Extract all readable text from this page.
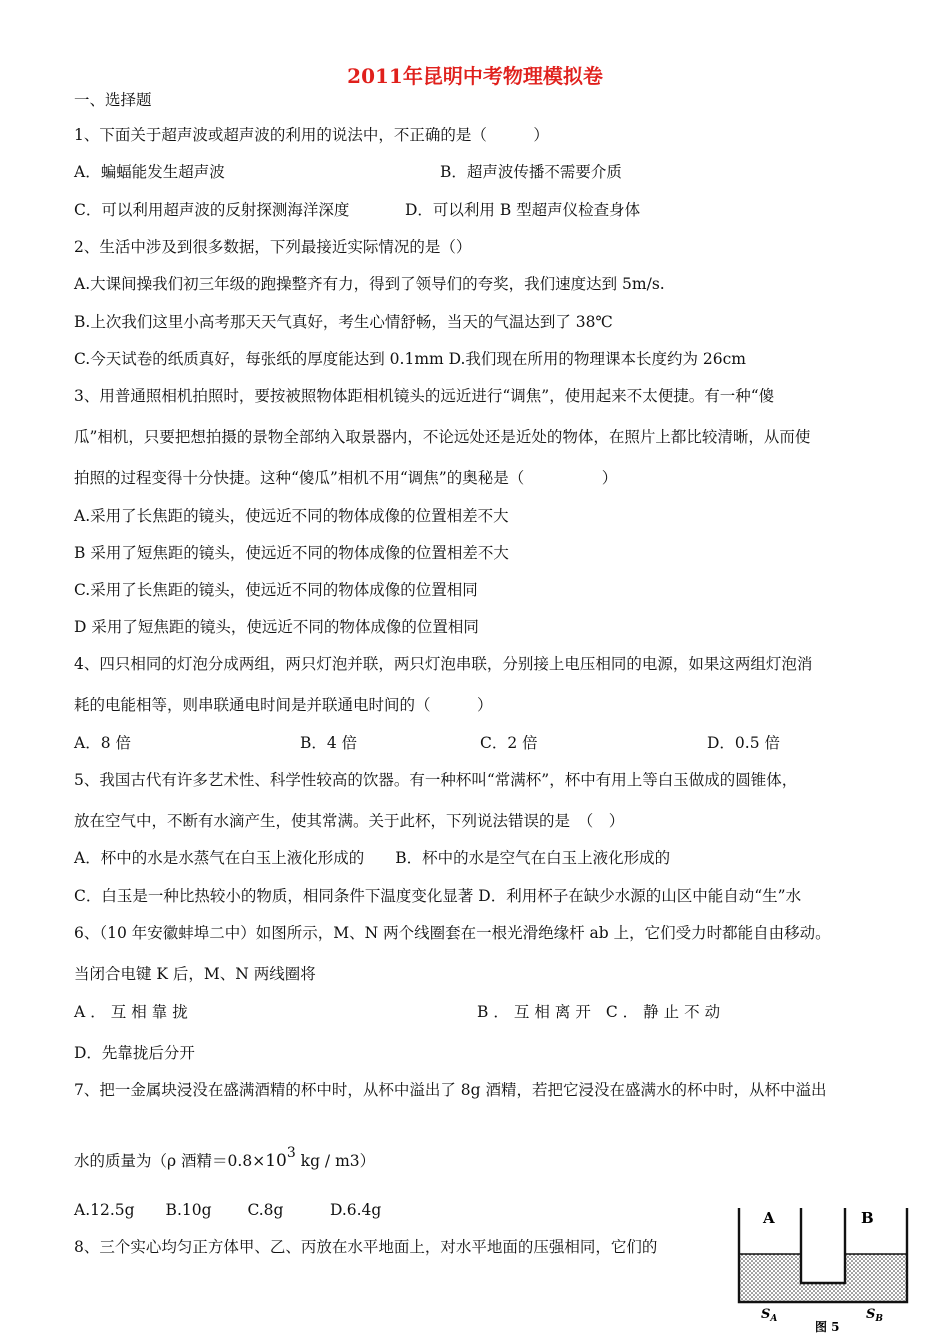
2011年昆明中考物理模拟卷
一、选择题
1、下面关于超声波或超声波的利用的说法中，不正确的是（　　　）
A．蝙蝠能发生超声波	B．超声波传播不需要介质
C．可以利用超声波的反射探测海洋深度	D．可以利用 B 型超声仪检查身体
2、生活中涉及到很多数据，下列最接近实际情况的是（）
A.大课间操我们初三年级的跑操整齐有力，得到了领导们的夸奖，我们速度达到 5m/s.
B.上次我们这里小高考那天天气真好，考生心情舒畅，当天的气温达到了 38℃
C.今天试卷的纸质真好，每张纸的厚度能达到 0.1mm D.我们现在所用的物理课本长度约为 26cm
3、用普通照相机拍照时，要按被照物体距相机镜头的远近进行“调焦”，使用起来不太便捷。有一种“傻
瓜”相机，只要把想拍摄的景物全部纳入取景器内，不论远处还是近处的物体，在照片上都比较清晰，从而使
拍照的过程变得十分快捷。这种“傻瓜”相机不用“调焦”的奥秘是（　　　　　）
A.采用了长焦距的镜头，使远近不同的物体成像的位置相差不大
B 采用了短焦距的镜头，使远近不同的物体成像的位置相差不大
C.采用了长焦距的镜头，使远近不同的物体成像的位置相同
D 采用了短焦距的镜头，使远近不同的物体成像的位置相同
4、四只相同的灯泡分成两组，两只灯泡并联，两只灯泡串联，分别接上电压相同的电源，如果这两组灯泡消
耗的电能相等，则串联通电时间是并联通电时间的（　　　）
A．8 倍	B．4 倍	C．2 倍	D．0.5 倍
5、我国古代有许多艺术性、科学性较高的饮器。有一种杯叫“常满杯”，杯中有用上等白玉做成的圆锥体，
放在空气中，不断有水滴产生，使其常满。关于此杯，下列说法错误的是　（　）
A．杯中的水是水蒸气在白玉上液化形成的　　B．杯中的水是空气在白玉上液化形成的
C．白玉是一种比热较小的物质，相同条件下温度变化显著 D．利用杯子在缺少水源的山区中能自动“生”水
6、（10 年安徽蚌埠二中）如图所示，M、N 两个线圈套在一根光滑绝缘杆 ab 上，它们受力时都能自由移动。
当闭合电键 K 后，M、N 两线圈将
A．互相靠拢	B．互相离开 C．静止不动
D．先靠拢后分开
7、把一金属块浸没在盛满酒精的杯中时，从杯中溢出了 8g 酒精，若把它浸没在盛满水的杯中时，从杯中溢出
水的质量为（ρ 酒精$=0.8\times 10^3$ kg / m3）
A.12.5g　　B.10g　　 C.8g　　　D.6.4g
8、三个实心均匀正方体甲、乙、丙放在水平地面上，对水平地面的压强相同，它们的
A	B
$S_A$	$S_B$
图 5
